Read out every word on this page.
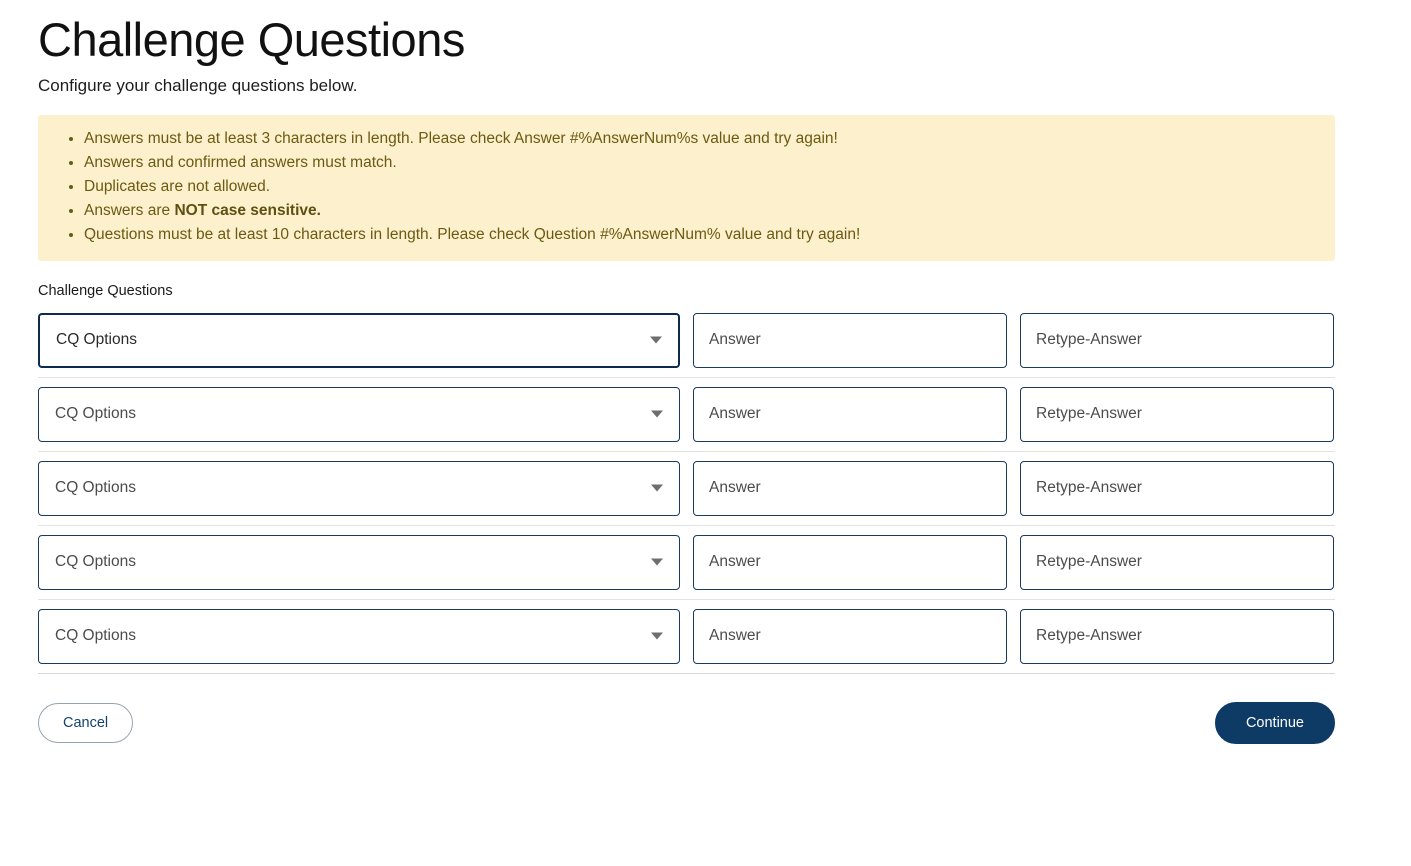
Challenge Questions

Configure your challenge questions below.

• Answers must be at least 3 characters in length. Please check Answer #%AnswerNum%s value and try again!
• Answers and confirmed answers must match.
• Duplicates are not allowed.
• Answers are NOT case sensitive.
• Questions must be at least 10 characters in length. Please check Question #%AnswerNum% value and try again!
Challenge Questions
CQ Options
Answer
Retype-Answer
CQ Options
Answer
Retype-Answer
CQ Options
Answer
Retype-Answer
CQ Options
Answer
Retype-Answer
CQ Options
Answer
Retype-Answer
Cancel	Continue
